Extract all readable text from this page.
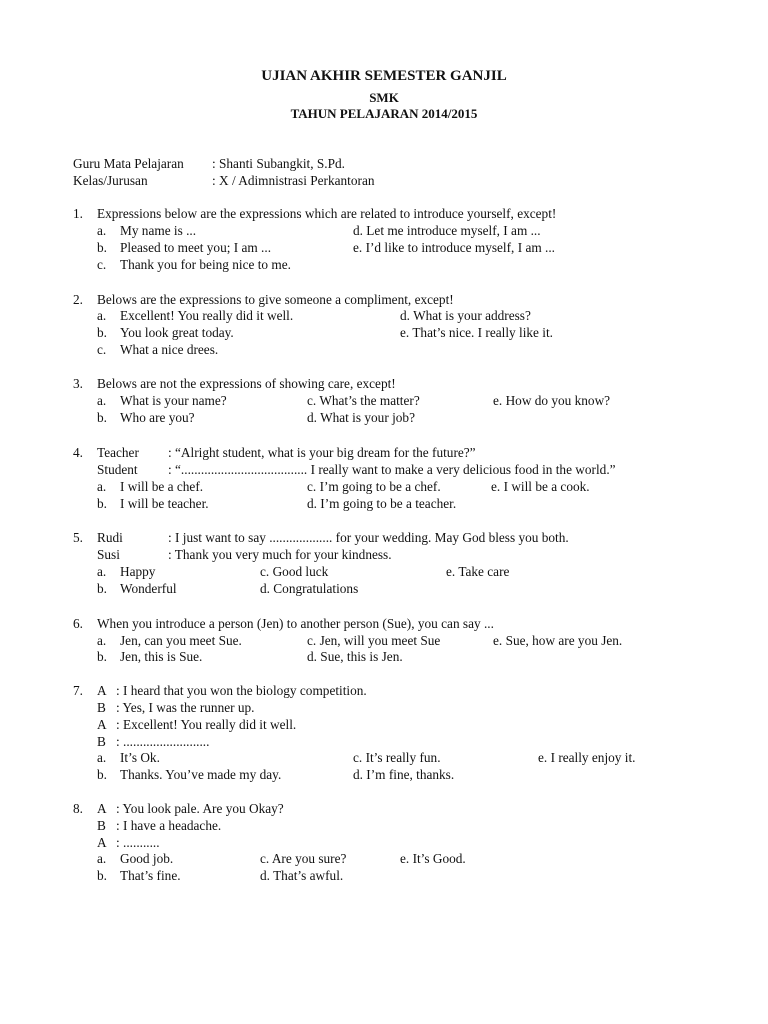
UJIAN AKHIR SEMESTER GANJIL
SMK
TAHUN PELAJARAN 2014/2015
Guru Mata Pelajaran : Shanti Subangkit, S.Pd.
Kelas/Jurusan	: X / Adimnistrasi Perkantoran
1. Expressions below are the expressions which are related to introduce yourself, except!
a. My name is ...	d. Let me introduce myself, I am ...
b. Pleased to meet you; I am ...	e. I’d like to introduce myself, I am ...
c. Thank you for being nice to me.
2. Belows are the expressions to give someone a compliment, except!
a. Excellent! You really did it well.	d. What is your address?
b. You look great today.	e. That’s nice. I really like it.
c. What a nice drees.
3. Belows are not the expressions of showing care, except!
a. What is your name?	c. What’s the matter?	e. How do you know?
b. Who are you?	d. What is your job?
4. Teacher : “Alright student, what is your big dream for the future?”
Student : “...................................... I really want to make a very delicious food in the world.”
a. I will be a chef.	c. I’m going to be a chef.	e. I will be a cook.
b. I will be teacher.	d. I’m going to be a teacher.
5. Rudi	: I just want to say ................... for your wedding. May God bless you both.
Susi	: Thank you very much for your kindness.
a. Happy	c. Good luck	e. Take care
b. Wonderful	d. Congratulations
6. When you introduce a person (Jen) to another person (Sue), you can say ...
a. Jen, can you meet Sue.	c. Jen, will you meet Sue	e. Sue, how are you Jen.
b. Jen, this is Sue.	d. Sue, this is Jen.
7. A : I heard that you won the biology competition.
B : Yes, I was the runner up.
A : Excellent! You really did it well.
B : ..........................
a. It’s Ok.	c. It’s really fun.	e. I really enjoy it.
b. Thanks. You’ve made my day.	d. I’m fine, thanks.
8. A : You look pale. Are you Okay?
B : I have a headache.
A : ...........
a. Good job.	c. Are you sure?	e. It’s Good.
b. That’s fine.	d. That’s awful.
